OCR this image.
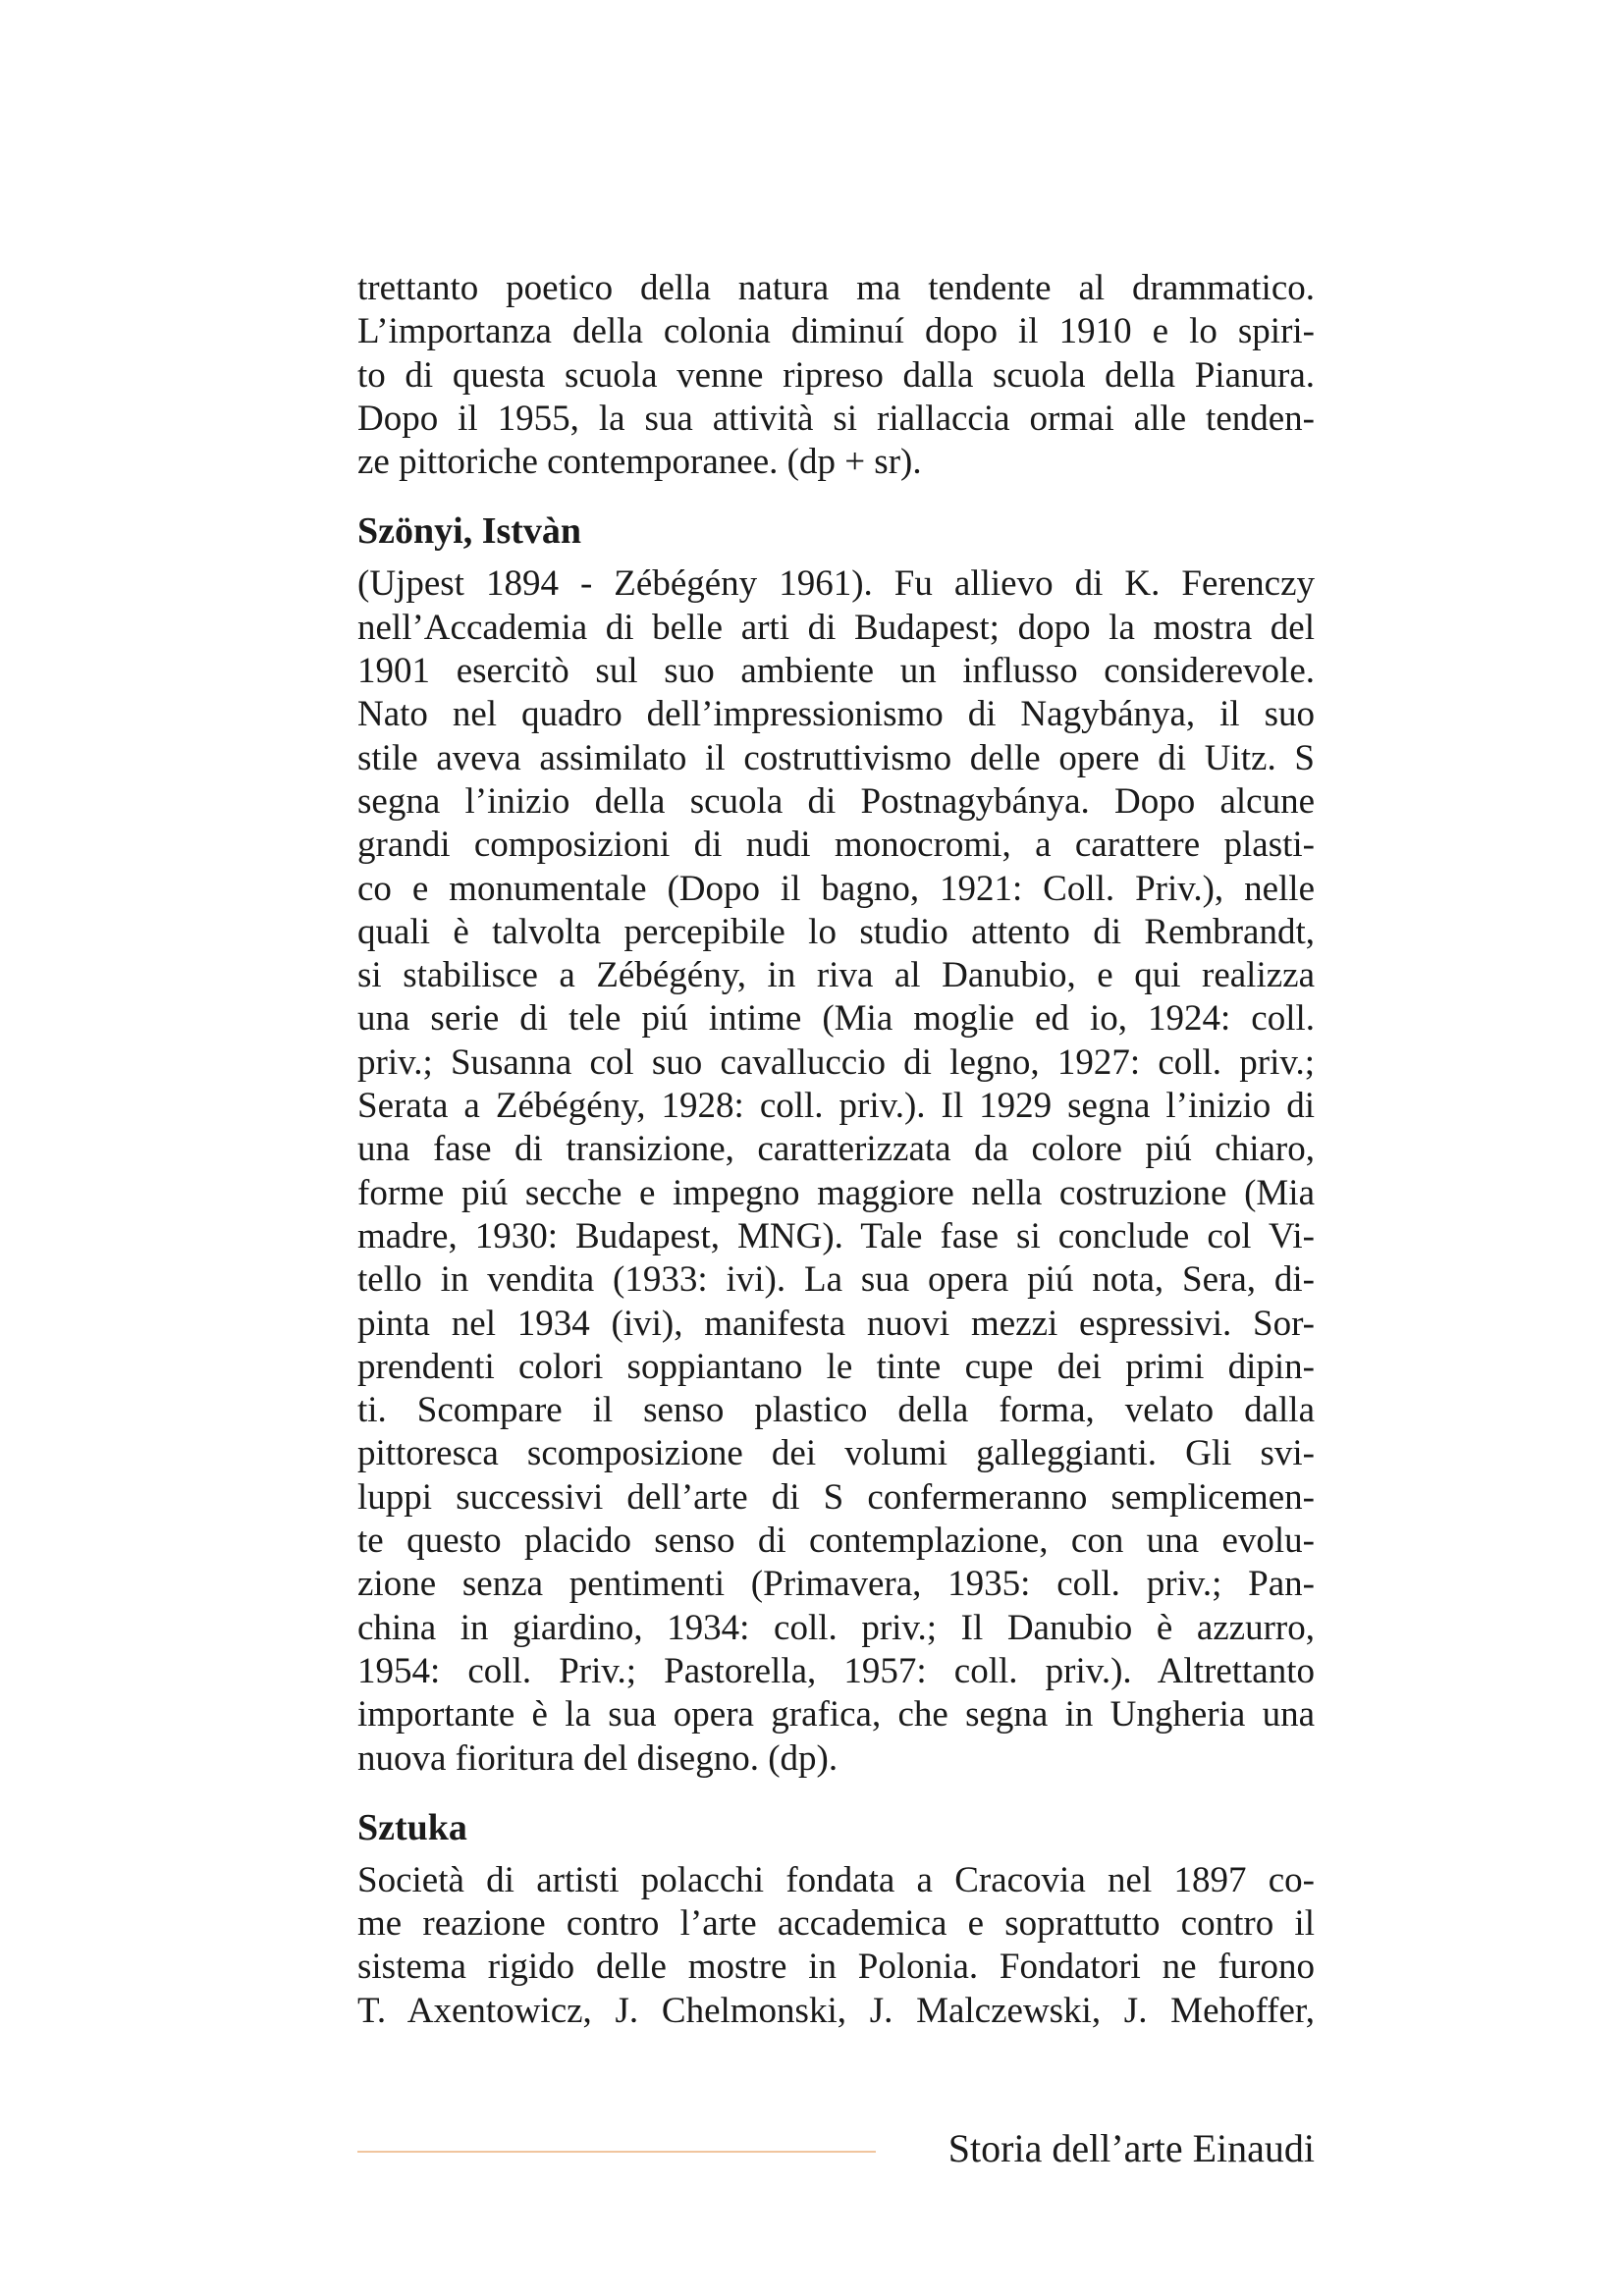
trettanto poetico della natura ma tendente al drammatico.
L’importanza della colonia diminuí dopo il 1910 e lo spiri-
to di questa scuola venne ripreso dalla scuola della Pianura.
Dopo il 1955, la sua attività si riallaccia ormai alle tenden-
ze pittoriche contemporanee. (dp + sr).
Szönyi, Istvàn
(Ujpest 1894 - Zébégény 1961). Fu allievo di K. Ferenczy
nell’Accademia di belle arti di Budapest; dopo la mostra del
1901 esercitò sul suo ambiente un influsso considerevole.
Nato nel quadro dell’impressionismo di Nagybánya, il suo
stile aveva assimilato il costruttivismo delle opere di Uitz. S
segna l’inizio della scuola di Postnagybánya. Dopo alcune
grandi composizioni di nudi monocromi, a carattere plasti-
co e monumentale (Dopo il bagno, 1921: Coll. Priv.), nelle
quali è talvolta percepibile lo studio attento di Rembrandt,
si stabilisce a Zébégény, in riva al Danubio, e qui realizza
una serie di tele piú intime (Mia moglie ed io, 1924: coll.
priv.; Susanna col suo cavalluccio di legno, 1927: coll. priv.;
Serata a Zébégény, 1928: coll. priv.). Il 1929 segna l’inizio di
una fase di transizione, caratterizzata da colore piú chiaro,
forme piú secche e impegno maggiore nella costruzione (Mia
madre, 1930: Budapest, MNG). Tale fase si conclude col Vi-
tello in vendita (1933: ivi). La sua opera piú nota, Sera, di-
pinta nel 1934 (ivi), manifesta nuovi mezzi espressivi. Sor-
prendenti colori soppiantano le tinte cupe dei primi dipin-
ti. Scompare il senso plastico della forma, velato dalla
pittoresca scomposizione dei volumi galleggianti. Gli svi-
luppi successivi dell’arte di S confermeranno semplicemen-
te questo placido senso di contemplazione, con una evolu-
zione senza pentimenti (Primavera, 1935: coll. priv.; Pan-
china in giardino, 1934: coll. priv.; Il Danubio è azzurro,
1954: coll. Priv.; Pastorella, 1957: coll. priv.). Altrettanto
importante è la sua opera grafica, che segna in Ungheria una
nuova fioritura del disegno. (dp).
Sztuka
Società di artisti polacchi fondata a Cracovia nel 1897 co-
me reazione contro l’arte accademica e soprattutto contro il
sistema rigido delle mostre in Polonia. Fondatori ne furono
T. Axentowicz, J. Chelmonski, J. Malczewski, J. Mehoffer,
Storia dell’arte Einaudi
